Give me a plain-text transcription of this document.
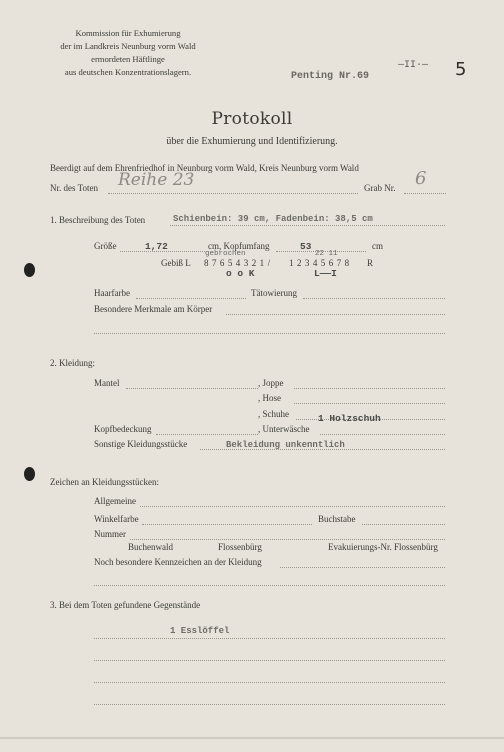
Kommission für Exhumierung
der im Landkreis Neunburg vorm Wald
ermordeten Häftlinge
aus deutschen Konzentrationslagern.	Penting Nr.69
—ІІ·— 5
Protokoll
über die Exhumierung und Identifizierung.
Beerdigt auf dem Ehrenfriedhof in Neunburg vorm Wald, Kreis Neunburg vorm Wald
Nr. des Toten Reihe 23	Grab Nr. 6
1. Beschreibung des Toten	Schienbein: 39 cm, Fadenbein: 38,5 cm
Größe	1,72	cm, Kopfumfang	53	cm
gebrochen	22 11
Gebiß L 8 7 6 5 4 3 2 1 / 1 2 3 4 5 6 7 8 R
o o K	L——I
Haarfarbe	Tätowierung
Besondere Merkmale am Körper
2. Kleidung:
Mantel	, Joppe
, Hose
, Schuhe	1 Holzschuh
Kopfbedeckung	, Unterwäsche
Sonstige Kleidungsstücke	Bekleidung unkenntlich
Zeichen an Kleidungsstücken:
Allgemeine
Winkelfarbe	Buchstabe
Nummer
Buchenwald	Flossenbürg	Evakuierungs-Nr. Flossenbürg
Noch besondere Kennzeichen an der Kleidung
3. Bei dem Toten gefundene Gegenstände
1 Esslöffel
